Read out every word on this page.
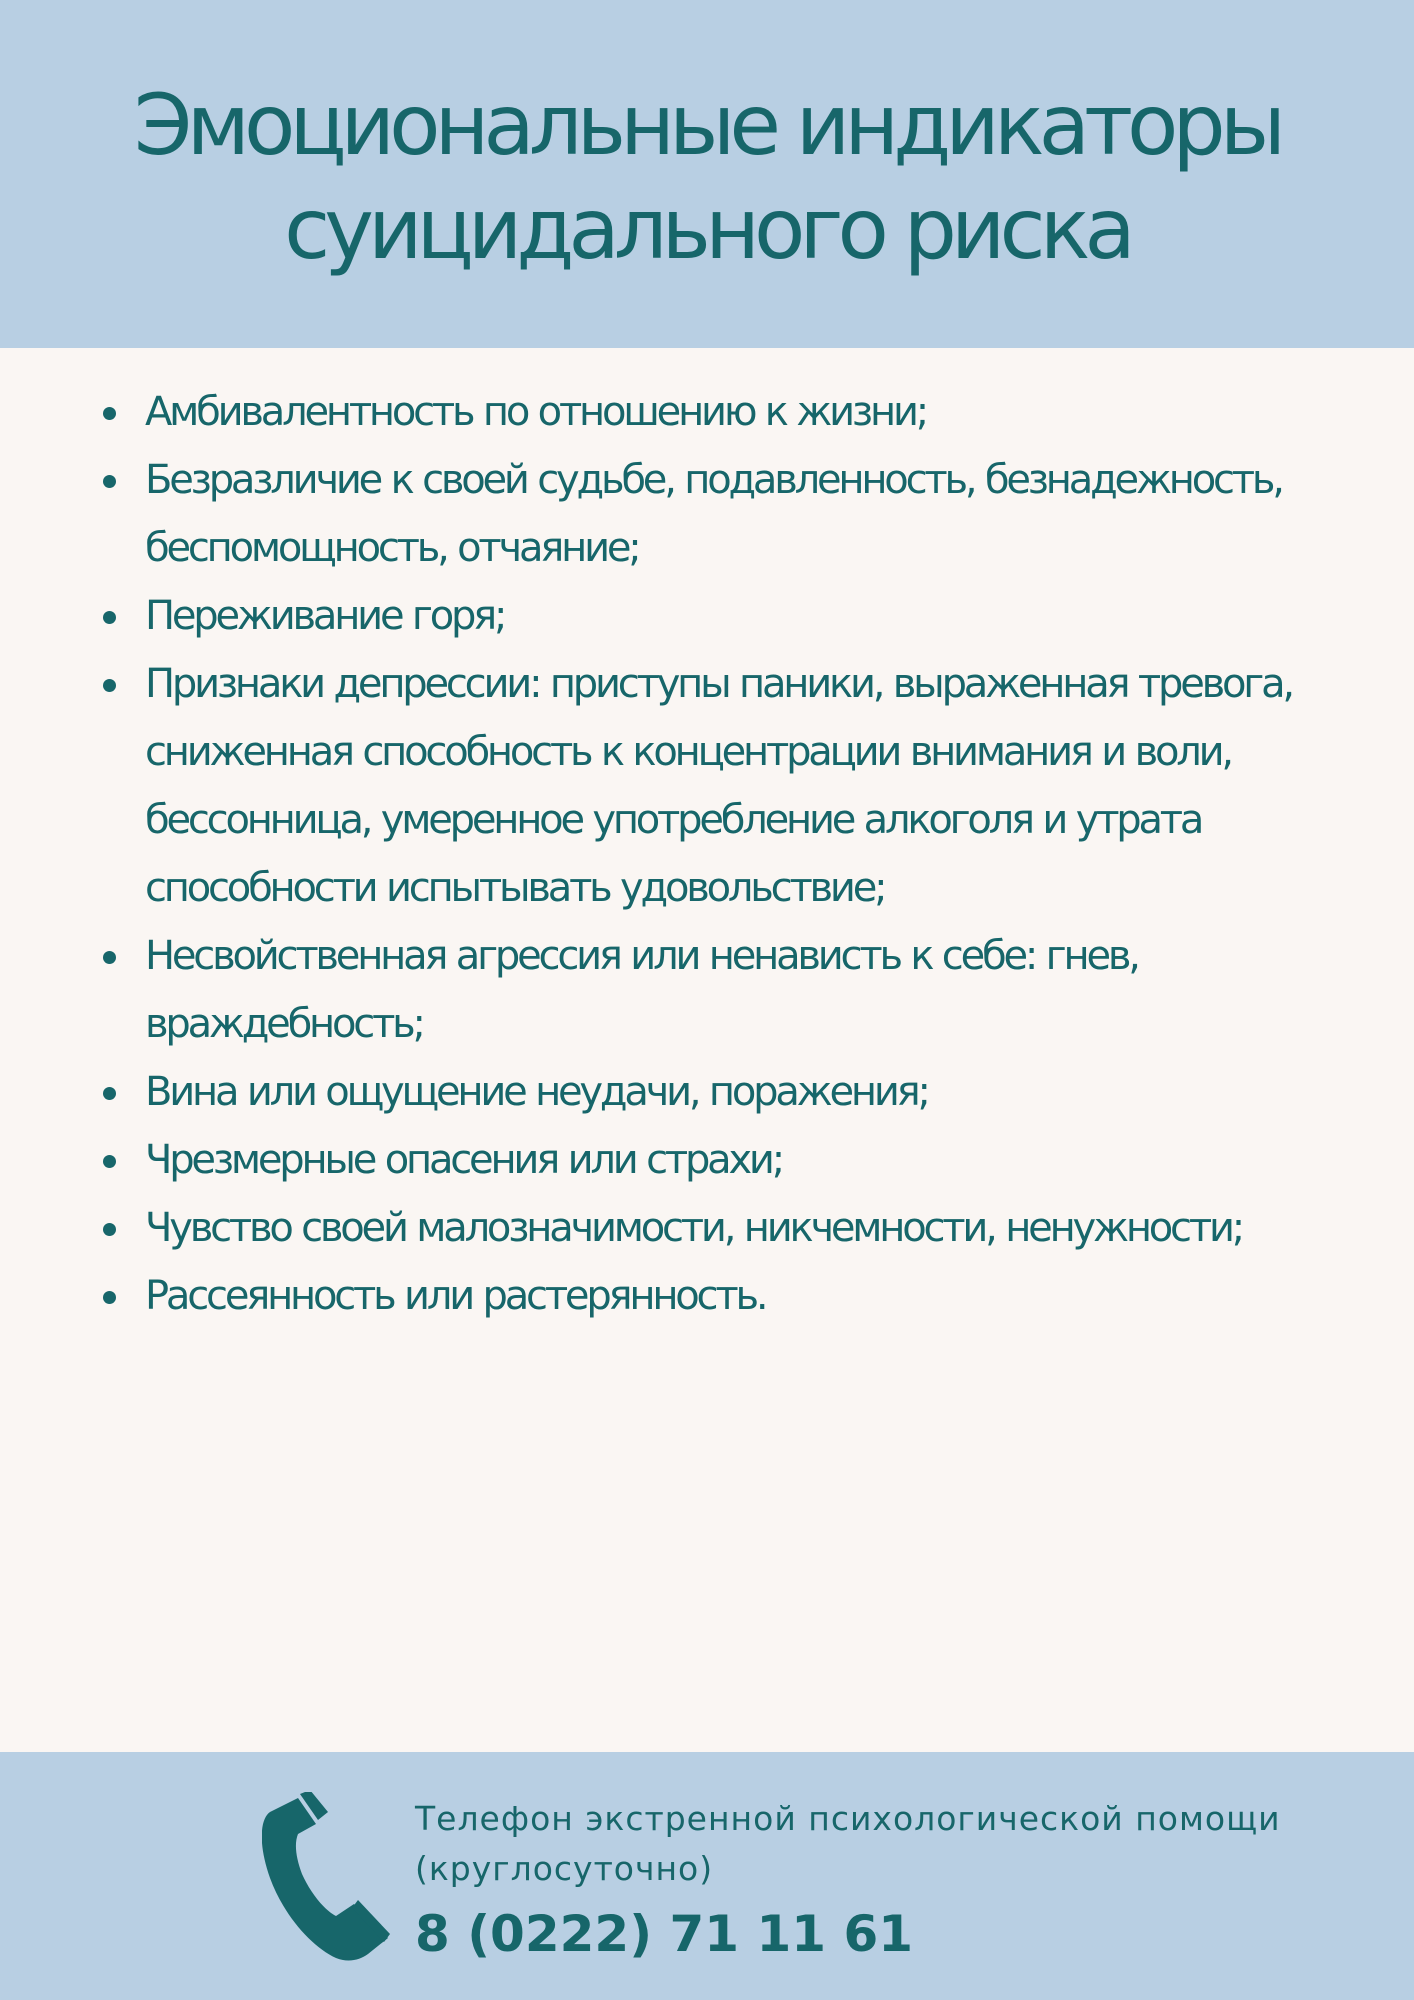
Эмоциональные индикаторы суицидального риска
Амбивалентность по отношению к жизни;
Безразличие к своей судьбе, подавленность, безнадежность, беспомощность, отчаяние;
Переживание горя;
Признаки депрессии: приступы паники, выраженная тревога, сниженная способность к концентрации внимания и воли, бессонница, умеренное употребление алкоголя и утрата способности испытывать удовольствие;
Несвойственная агрессия или ненависть к себе: гнев, враждебность;
Вина или ощущение неудачи, поражения;
Чрезмерные опасения или страхи;
Чувство своей малозначимости, никчемности, ненужности;
Рассеянность или растерянность.
Телефон экстренной психологической помощи (круглосуточно)
8 (0222) 71 11 61
